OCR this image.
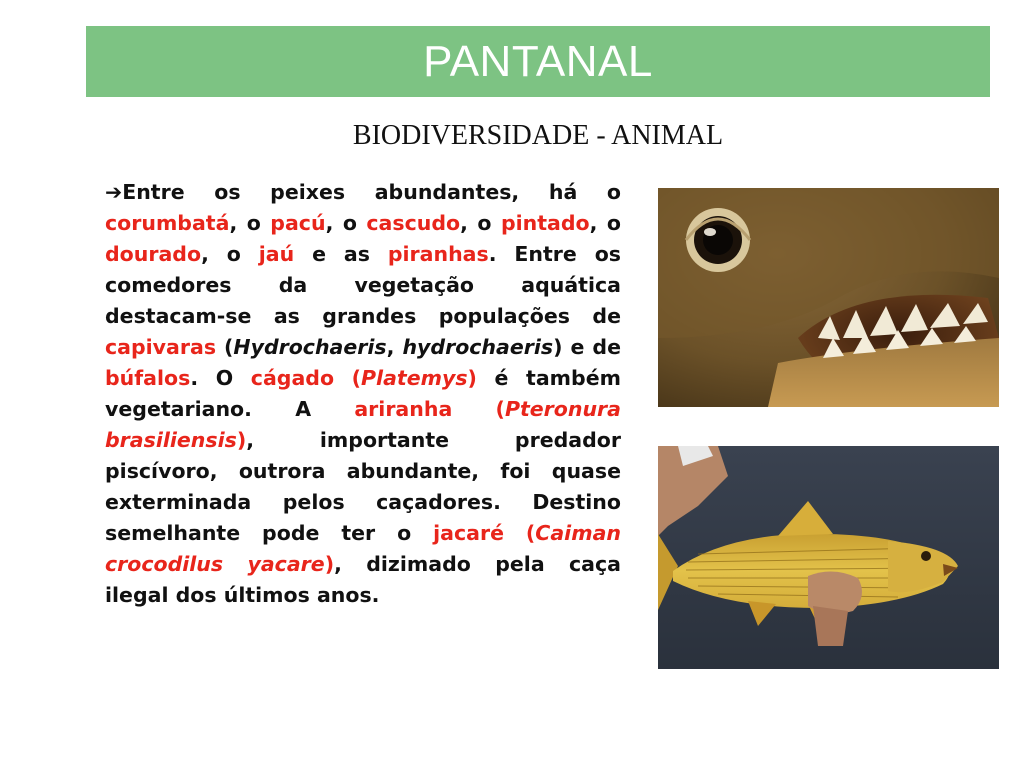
PANTANAL
BIODIVERSIDADE - ANIMAL
➔Entre os peixes abundantes, há o corumbatá, o pacú, o cascudo, o pintado, o dourado, o jaú e as piranhas. Entre os comedores da vegetação aquática destacam-se as grandes populações de capivaras (Hydrochaeris, hydrochaeris) e de búfalos. O cágado (Platemys) é também vegetariano. A ariranha (Pteronura brasiliensis), importante predador piscívoro, outrora abundante, foi quase exterminada pelos caçadores. Destino semelhante pode ter o jacaré (Caiman crocodilus yacare), dizimado pela caça ilegal dos últimos anos.
